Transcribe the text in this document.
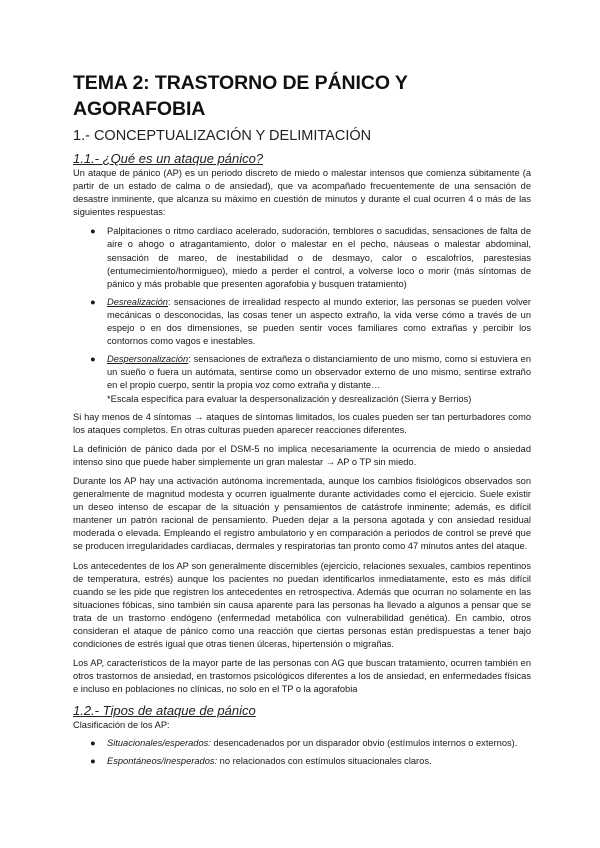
TEMA 2: TRASTORNO DE PÁNICO Y AGORAFOBIA
1.- CONCEPTUALIZACIÓN Y DELIMITACIÓN
1.1.- ¿Qué es un ataque pánico?

Un ataque de pánico (AP) es un periodo discreto de miedo o malestar intensos que comienza súbitamente (a partir de un estado de calma o de ansiedad), que va acompañado frecuentemente de una sensación de desastre inminente, que alcanza su máximo en cuestión de minutos y durante el cual ocurren 4 o más de las siguientes respuestas:

● Palpitaciones o ritmo cardíaco acelerado, sudoración, temblores o sacudidas, sensaciones de falta de aire o ahogo o atragantamiento, dolor o malestar en el pecho, náuseas o malestar abdominal, sensación de mareo, de inestabilidad o de desmayo, calor o escalofríos, parestesias (entumecimiento/hormigueo), miedo a perder el control, a volverse loco o morir (más síntomas de pánico y más probable que presenten agorafobia y busquen tratamiento)
● Desrealización: sensaciones de irrealidad respecto al mundo exterior, las personas se pueden volver mecánicas o desconocidas, las cosas tener un aspecto extraño, la vida verse cómo a través de un espejo o en dos dimensiones, se pueden sentir voces familiares como extrañas y percibir los contornos como vagos e inestables.
● Despersonalización: sensaciones de extrañeza o distanciamiento de uno mismo, como si estuviera en un sueño o fuera un autómata, sentirse como un observador externo de uno mismo, sentirse extraño en el propio cuerpo, sentir la propia voz como extraña y distante…
*Escala específica para evaluar la despersonalización y desrealización (Sierra y Berrios)

Si hay menos de 4 síntomas → ataques de síntomas limitados, los cuales pueden ser tan perturbadores como los ataques completos. En otras culturas pueden aparecer reacciones diferentes.

La definición de pánico dada por el DSM-5 no implica necesariamente la ocurrencia de miedo o ansiedad intenso sino que puede haber simplemente un gran malestar → AP o TP sin miedo.

Durante los AP hay una activación autónoma incrementada, aunque los cambios fisiológicos observados son generalmente de magnitud modesta y ocurren igualmente durante actividades como el ejercicio. Suele existir un deseo intenso de escapar de la situación y pensamientos de catástrofe inminente; además, es difícil mantener un patrón racional de pensamiento. Pueden dejar a la persona agotada y con ansiedad residual moderada o elevada. Empleando el registro ambulatorio y en comparación a periodos de control se prevé que se producen irregularidades cardíacas, dermales y respiratorias tan pronto como 47 minutos antes del ataque.

Los antecedentes de los AP son generalmente discernibles (ejercicio, relaciones sexuales, cambios repentinos de temperatura, estrés) aunque los pacientes no puedan identificarlos inmediatamente, esto es más difícil cuando se les pide que registren los antecedentes en retrospectiva. Además que ocurran no solamente en las situaciones fóbicas, sino también sin causa aparente para las personas ha llevado a algunos a pensar que se trata de un trastorno endógeno (enfermedad metabólica con vulnerabilidad genética). En cambio, otros consideran el ataque de pánico como una reacción que ciertas personas están predispuestas a tener bajo condiciones de estrés igual que otras tienen úlceras, hipertensión o migrañas.

Los AP, característicos de la mayor parte de las personas con AG que buscan tratamiento, ocurren también en otros trastornos de ansiedad, en trastornos psicológicos diferentes a los de ansiedad, en enfermedades físicas e incluso en poblaciones no clínicas, no solo en el TP o la agorafobia

1.2.- Tipos de ataque de pánico

Clasificación de los AP:

● Situacionales/esperados: desencadenados por un disparador obvio (estímulos internos o externos).
● Espontáneos/inesperados: no relacionados con estímulos situacionales claros.
